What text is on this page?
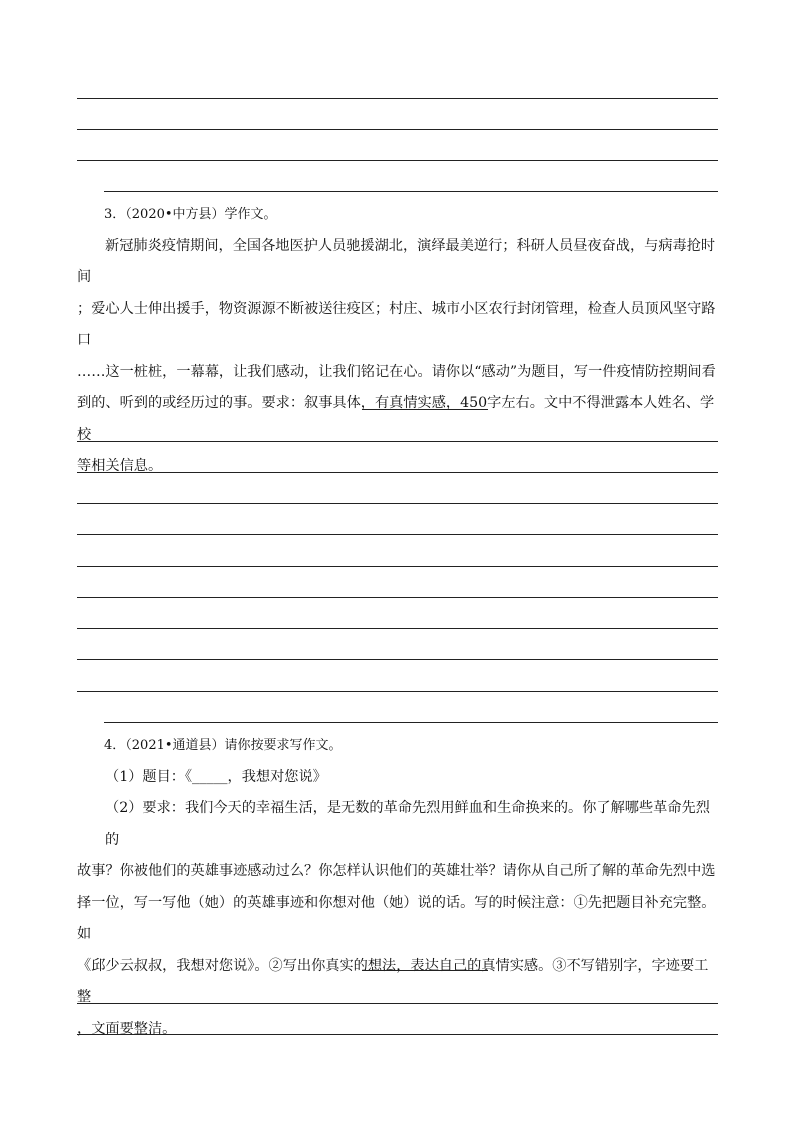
3．（2020•中方县）学作文。

新冠肺炎疫情期间，全国各地医护人员驰援湖北，演绎最美逆行；科研人员昼夜奋战，与病毒抢时间

；爱心人士伸出援手，物资源源不断被送往疫区；村庄、城市小区农行封闭管理，检查人员顶风坚守路口
……这一桩桩，一幕幕，让我们感动，让我们铭记在心。请你以“感动”为题目，写一件疫情防控期间看
到的、听到的或经历过的事。要求：叙事具体，有真情实感，450字左右。文中不得泄露本人姓名、学校
等相关信息。
4．（2021•通道县）请你按要求写作文。
（1）题目：《_____，我想对您说》
（2）要求：我们今天的幸福生活，是无数的革命先烈用鲜血和生命换来的。你了解哪些革命先烈的
故事？你被他们的英雄事迹感动过么？你怎样认识他们的英雄壮举？请你从自己所了解的革命先烈中选
择一位，写一写他（她）的英雄事迹和你想对他（她）说的话。写的时候注意：①先把题目补充完整。如
《邱少云叔叔，我想对您说》。②写出你真实的想法，表达自己的真情实感。③不写错别字，字迹要工整
，文面要整洁。
